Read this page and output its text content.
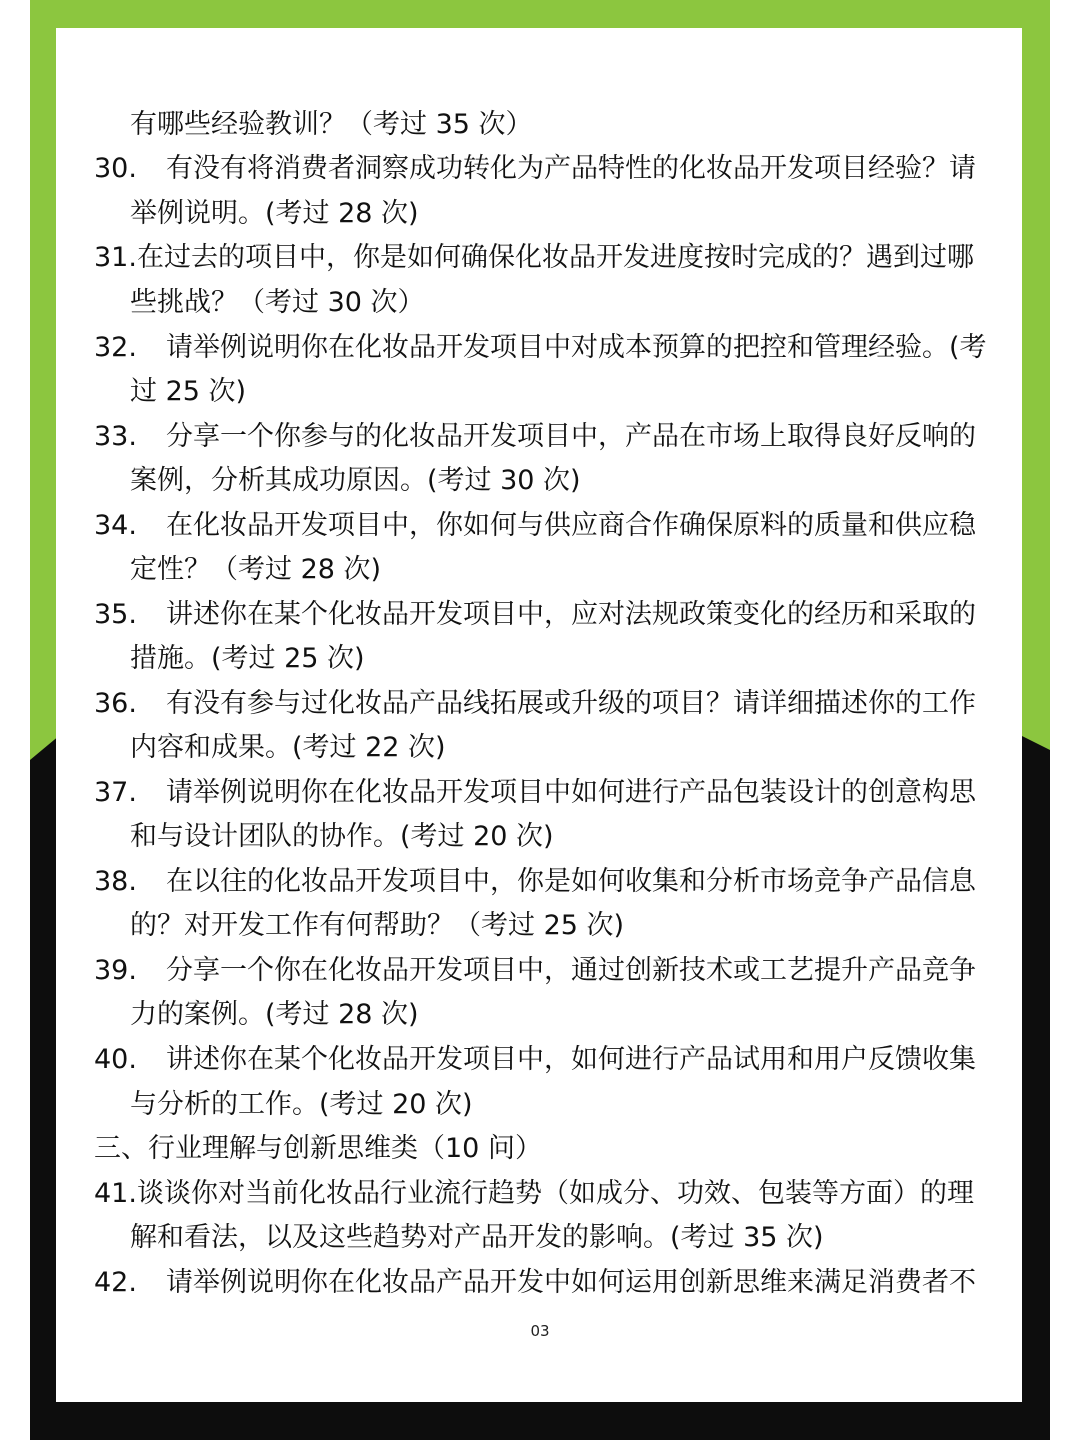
有哪些经验教训？（考过 35 次）
30. 有没有将消费者洞察成功转化为产品特性的化妆品开发项目经验？请
举例说明。(考过 28 次)
31.在过去的项目中，你是如何确保化妆品开发进度按时完成的？遇到过哪
些挑战？（考过 30 次）
32. 请举例说明你在化妆品开发项目中对成本预算的把控和管理经验。(考
过 25 次)
33. 分享一个你参与的化妆品开发项目中，产品在市场上取得良好反响的
案例，分析其成功原因。(考过 30 次)
34. 在化妆品开发项目中，你如何与供应商合作确保原料的质量和供应稳
定性？（考过 28 次)
35. 讲述你在某个化妆品开发项目中，应对法规政策变化的经历和采取的
措施。(考过 25 次)
36. 有没有参与过化妆品产品线拓展或升级的项目？请详细描述你的工作
内容和成果。(考过 22 次)
37. 请举例说明你在化妆品开发项目中如何进行产品包装设计的创意构思
和与设计团队的协作。(考过 20 次)
38. 在以往的化妆品开发项目中，你是如何收集和分析市场竞争产品信息
的？对开发工作有何帮助？（考过 25 次)
39. 分享一个你在化妆品开发项目中，通过创新技术或工艺提升产品竞争
力的案例。(考过 28 次)
40. 讲述你在某个化妆品开发项目中，如何进行产品试用和用户反馈收集
与分析的工作。(考过 20 次)
三、行业理解与创新思维类（10 问）
41.谈谈你对当前化妆品行业流行趋势（如成分、功效、包装等方面）的理
解和看法，以及这些趋势对产品开发的影响。(考过 35 次)
42. 请举例说明你在化妆品产品开发中如何运用创新思维来满足消费者不
03
